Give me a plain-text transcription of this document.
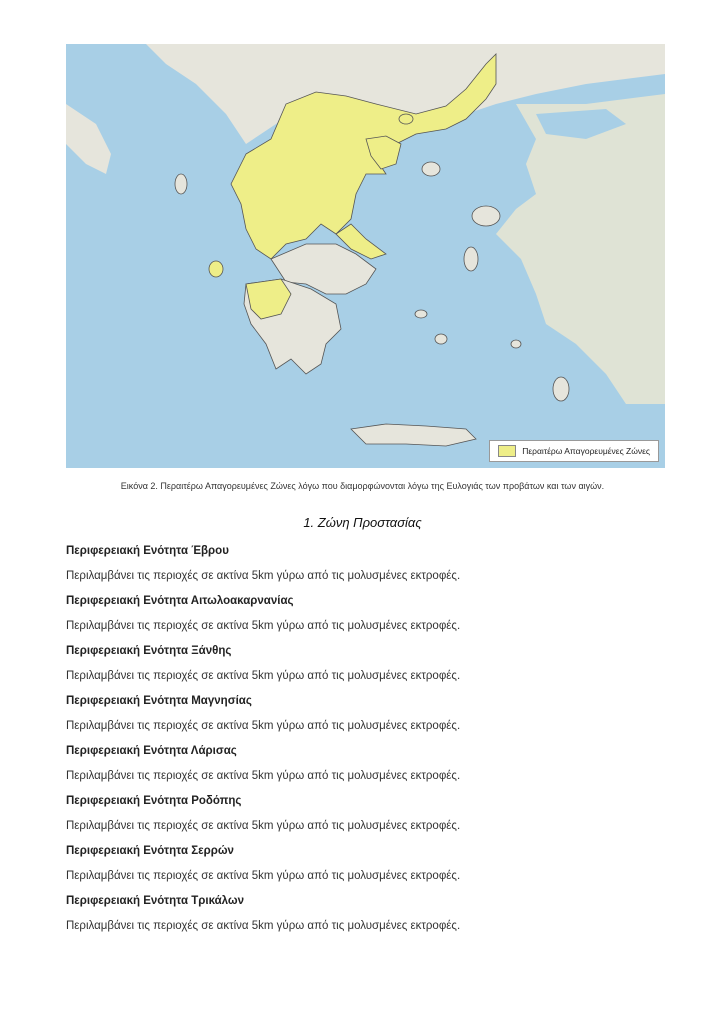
Περαιτέρω Απαγορευμένες Ζώνες
Εικόνα 2. Περαιτέρω Απαγορευμένες Ζώνες λόγω που διαμορφώνονται λόγω της Ευλογιάς των προβάτων και των αιγών.
1. Ζώνη Προστασίας
Περιφερειακή Ενότητα Έβρου
Περιλαμβάνει τις περιοχές σε ακτίνα 5km γύρω από τις μολυσμένες εκτροφές.
Περιφερειακή Ενότητα Αιτωλοακαρνανίας
Περιλαμβάνει τις περιοχές σε ακτίνα 5km γύρω από τις μολυσμένες εκτροφές.
Περιφερειακή Ενότητα Ξάνθης
Περιλαμβάνει τις περιοχές σε ακτίνα 5km γύρω από τις μολυσμένες εκτροφές.
Περιφερειακή Ενότητα Μαγνησίας
Περιλαμβάνει τις περιοχές σε ακτίνα 5km γύρω από τις μολυσμένες εκτροφές.
Περιφερειακή Ενότητα Λάρισας
Περιλαμβάνει τις περιοχές σε ακτίνα 5km γύρω από τις μολυσμένες εκτροφές.
Περιφερειακή Ενότητα Ροδόπης
Περιλαμβάνει τις περιοχές σε ακτίνα 5km γύρω από τις μολυσμένες εκτροφές.
Περιφερειακή Ενότητα Σερρών
Περιλαμβάνει τις περιοχές σε ακτίνα 5km γύρω από τις μολυσμένες εκτροφές.
Περιφερειακή Ενότητα Τρικάλων
Περιλαμβάνει τις περιοχές σε ακτίνα 5km γύρω από τις μολυσμένες εκτροφές.
